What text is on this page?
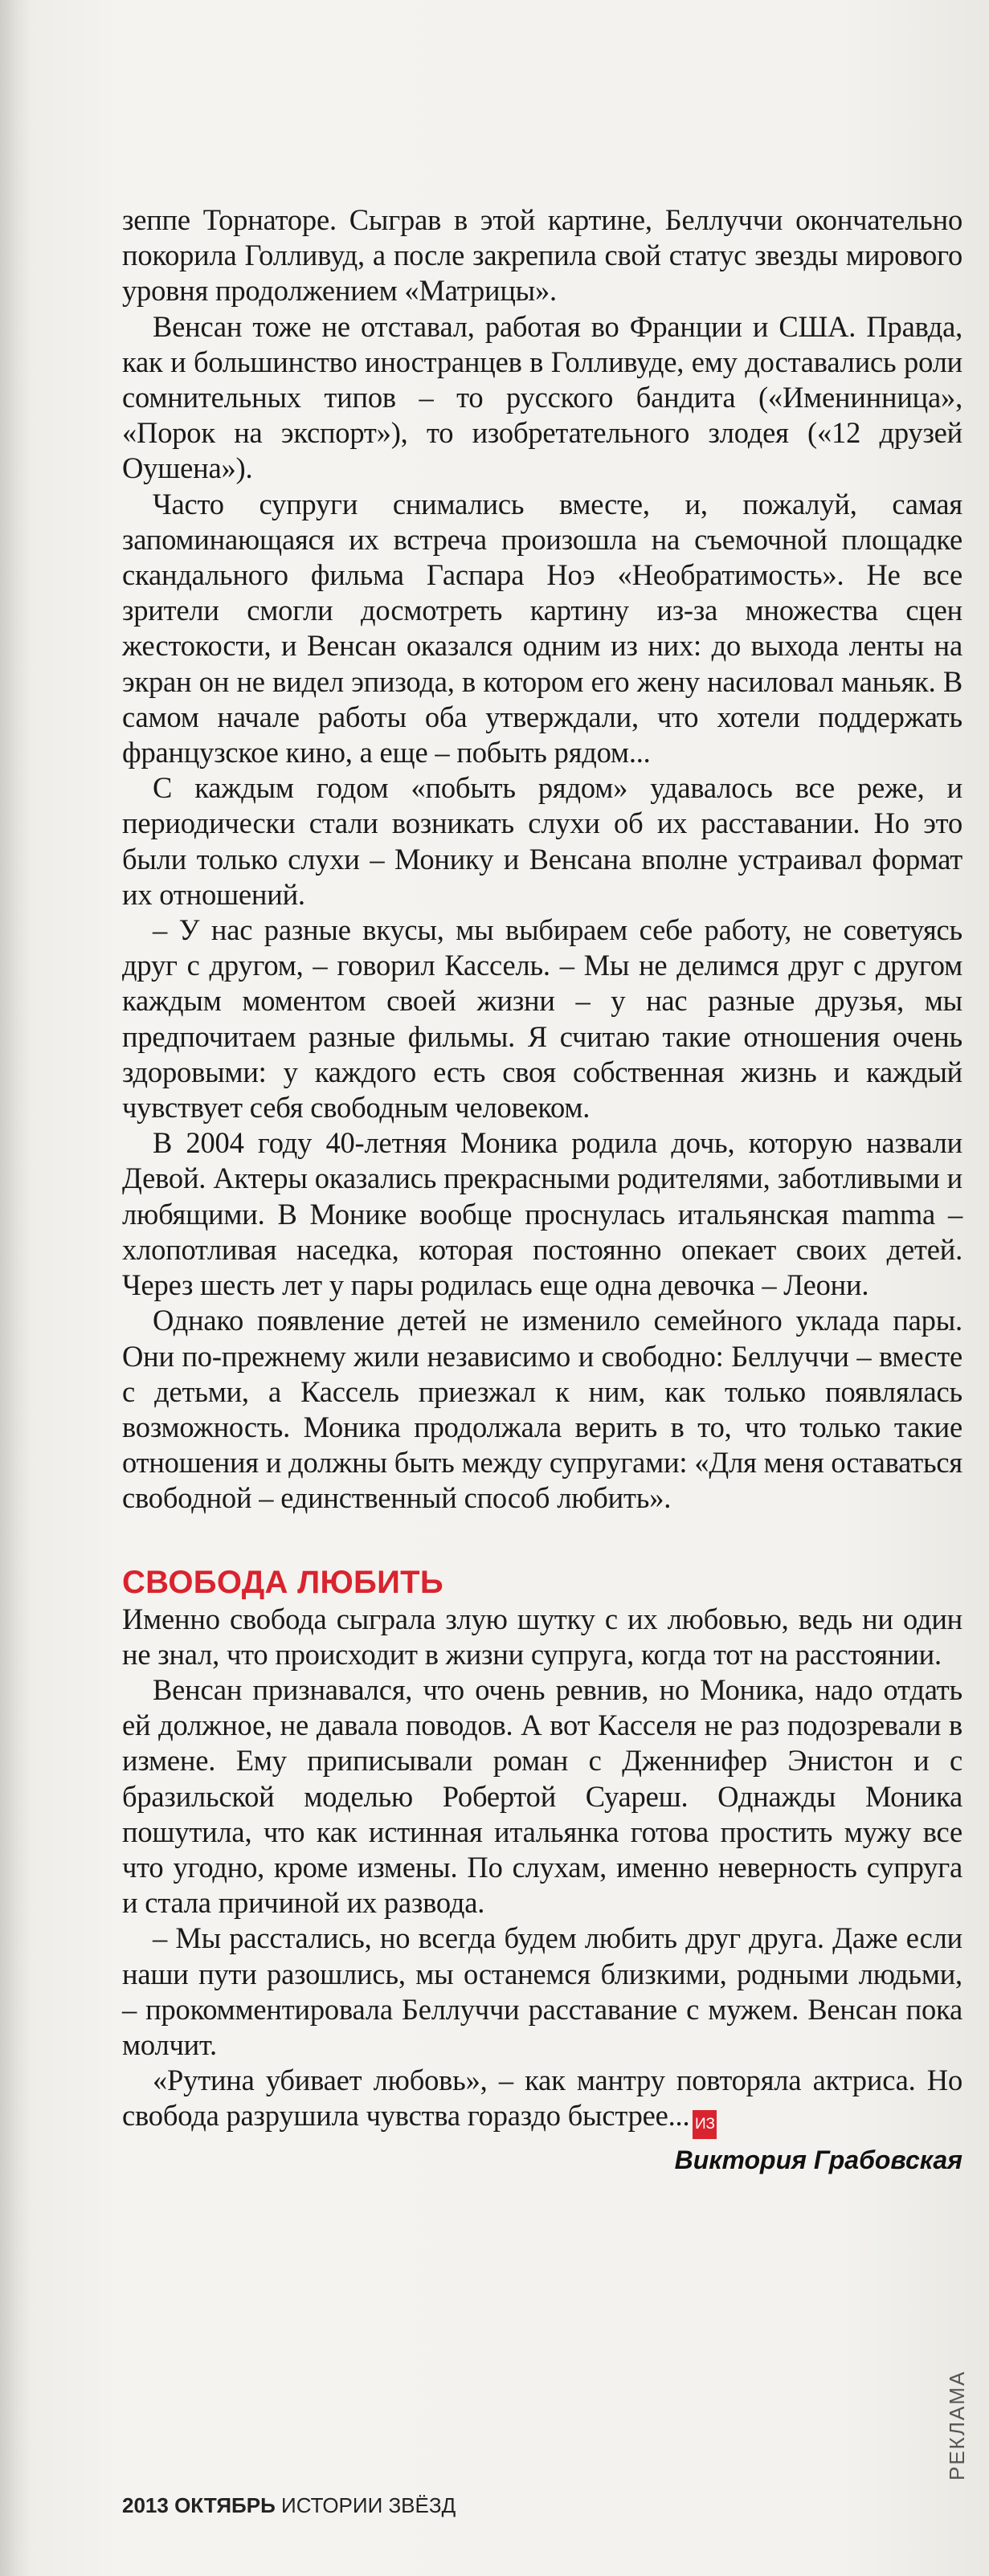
зеппе Торнаторе. Сыграв в этой картине, Беллуччи окончательно покорила Голливуд, а после закрепила свой статус звезды мирового уровня продолжением «Матрицы».

Венсан тоже не отставал, работая во Франции и США. Правда, как и большинство иностранцев в Голливуде, ему доставались роли сомнительных типов – то русского бандита («Именинница», «Порок на экспорт»), то изобретательного злодея («12 друзей Оушена»).

Часто супруги снимались вместе, и, пожалуй, самая запоминающаяся их встреча произошла на съемочной площадке скандального фильма Гаспара Ноэ «Необратимость». Не все зрители смогли досмотреть картину из-за множества сцен жестокости, и Венсан оказался одним из них: до выхода ленты на экран он не видел эпизода, в котором его жену насиловал маньяк. В самом начале работы оба утверждали, что хотели поддержать французское кино, а еще – побыть рядом...

С каждым годом «побыть рядом» удавалось все реже, и периодически стали возникать слухи об их расставании. Но это были только слухи – Монику и Венсана вполне устраивал формат их отношений.

– У нас разные вкусы, мы выбираем себе работу, не советуясь друг с другом, – говорил Кассель. – Мы не делимся друг с другом каждым моментом своей жизни – у нас разные друзья, мы предпочитаем разные фильмы. Я считаю такие отношения очень здоровыми: у каждого есть своя собственная жизнь и каждый чувствует себя свободным человеком.

В 2004 году 40-летняя Моника родила дочь, которую назвали Девой. Актеры оказались прекрасными родителями, заботливыми и любящими. В Монике вообще проснулась итальянская mamma – хлопотливая наседка, которая постоянно опекает своих детей. Через шесть лет у пары родилась еще одна девочка – Леони.

Однако появление детей не изменило семейного уклада пары. Они по-прежнему жили независимо и свободно: Беллуччи – вместе с детьми, а Кассель приезжал к ним, как только появлялась возможность. Моника продолжала верить в то, что только такие отношения и должны быть между супругами: «Для меня оставаться свободной – единственный способ любить».

СВОБОДА ЛЮБИТЬ

Именно свобода сыграла злую шутку с их любовью, ведь ни один не знал, что происходит в жизни супруга, когда тот на расстоянии.

Венсан признавался, что очень ревнив, но Моника, надо отдать ей должное, не давала поводов. А вот Касселя не раз подозревали в измене. Ему приписывали роман с Дженнифер Энистон и с бразильской моделью Робертой Суареш. Однажды Моника пошутила, что как истинная итальянка готова простить мужу все что угодно, кроме измены. По слухам, именно неверность супруга и стала причиной их развода.

– Мы расстались, но всегда будем любить друг друга. Даже если наши пути разошлись, мы останемся близкими, родными людьми, – прокомментировала Беллуччи расставание с мужем. Венсан пока молчит.

«Рутина убивает любовь», – как мантру повторяла актриса. Но свобода разрушила чувства гораздо быстрее... ИЗ

Виктория Грабовская

2013 ОКТЯБРЬ ИСТОРИИ ЗВЁЗД
РЕКЛАМА
